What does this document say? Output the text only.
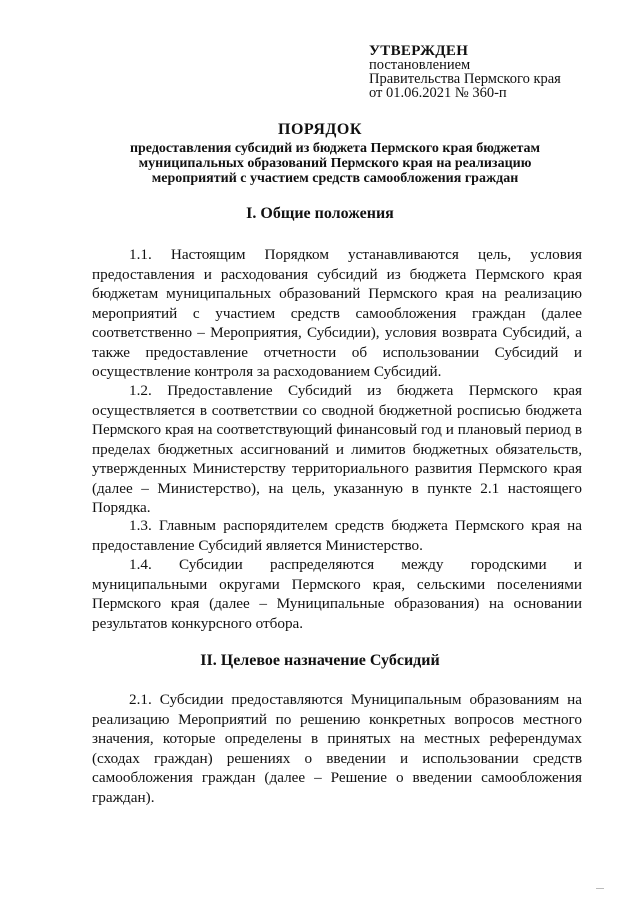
УТВЕРЖДЕН
постановлением
Правительства Пермского края
от 01.06.2021 № 360-п
ПОРЯДОК
предоставления субсидий из бюджета Пермского края бюджетам
муниципальных образований Пермского края на реализацию
мероприятий с участием средств самообложения граждан
I. Общие положения
1.1. Настоящим Порядком устанавливаются цель, условия предоставления и расходования субсидий из бюджета Пермского края бюджетам муниципальных образований Пермского края на реализацию мероприятий с участием средств самообложения граждан (далее соответственно – Мероприятия, Субсидии), условия возврата Субсидий, а также предоставление отчетности об использовании Субсидий и осуществление контроля за расходованием Субсидий.
1.2. Предоставление Субсидий из бюджета Пермского края осуществляется в соответствии со сводной бюджетной росписью бюджета Пермского края на соответствующий финансовый год и плановый период в пределах бюджетных ассигнований и лимитов бюджетных обязательств, утвержденных Министерству территориального развития Пермского края (далее – Министерство), на цель, указанную в пункте 2.1 настоящего Порядка.
1.3. Главным распорядителем средств бюджета Пермского края на предоставление Субсидий является Министерство.
1.4. Субсидии распределяются между городскими и муниципальными округами Пермского края, сельскими поселениями Пермского края (далее – Муниципальные образования) на основании результатов конкурсного отбора.
II. Целевое назначение Субсидий
2.1. Субсидии предоставляются Муниципальным образованиям на реализацию Мероприятий по решению конкретных вопросов местного значения, которые определены в принятых на местных референдумах (сходах граждан) решениях о введении и использовании средств самообложения граждан (далее – Решение о введении самообложения граждан).
